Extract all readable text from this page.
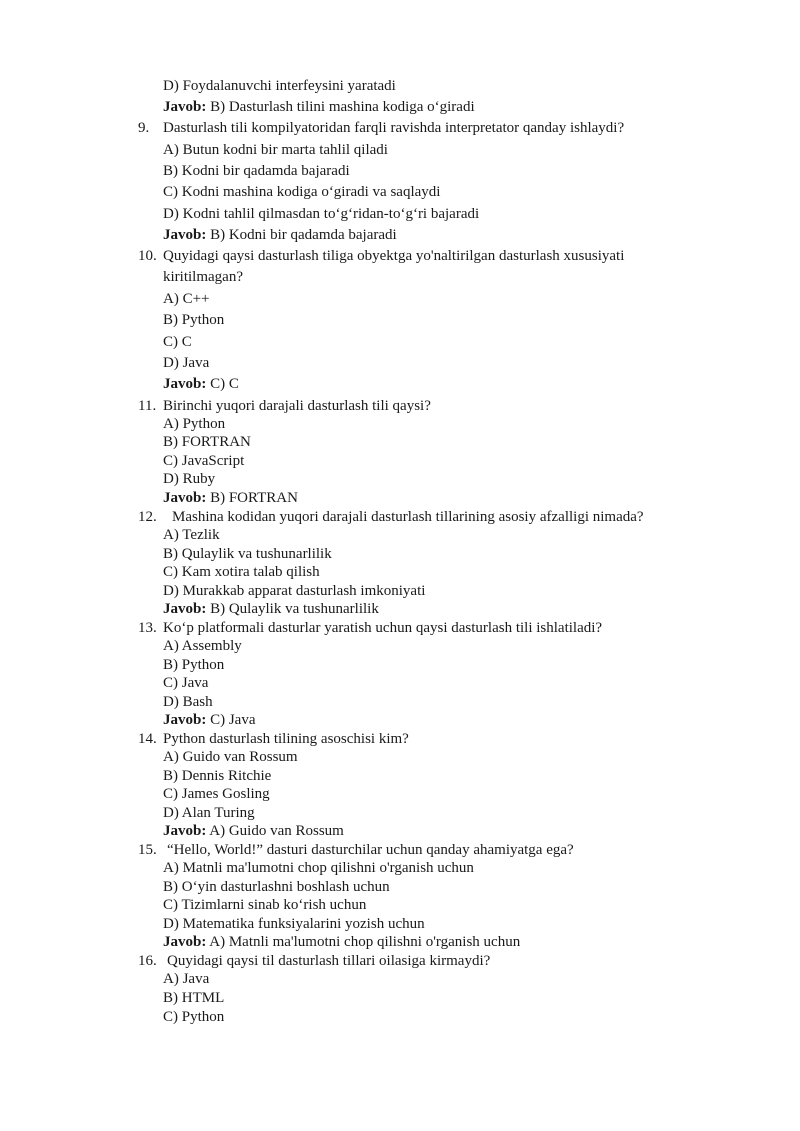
D) Foydalanuvchi interfeysini yaratadi
Javob: B) Dasturlash tilini mashina kodiga o‘giradi
9. Dasturlash tili kompilyatoridan farqli ravishda interpretator qanday ishlaydi?
A) Butun kodni bir marta tahlil qiladi
B) Kodni bir qadamda bajaradi
C) Kodni mashina kodiga o‘giradi va saqlaydi
D) Kodni tahlil qilmasdan to‘g‘ridan-to‘g‘ri bajaradi
Javob: B) Kodni bir qadamda bajaradi
10. Quyidagi qaysi dasturlash tiliga obyektga yo'naltirilgan dasturlash xususiyati
kiritilmagan?
A) C++
B) Python
C) C
D) Java
Javob: C) C
11. Birinchi yuqori darajali dasturlash tili qaysi?
A) Python
B) FORTRAN
C) JavaScript
D) Ruby
Javob: B) FORTRAN
12. Mashina kodidan yuqori darajali dasturlash tillarining asosiy afzalligi nimada?
A) Tezlik
B) Qulaylik va tushunarlilik
C) Kam xotira talab qilish
D) Murakkab apparat dasturlash imkoniyati
Javob: B) Qulaylik va tushunarlilik
13. Ko‘p platformali dasturlar yaratish uchun qaysi dasturlash tili ishlatiladi?
A) Assembly
B) Python
C) Java
D) Bash
Javob: C) Java
14. Python dasturlash tilining asoschisi kim?
A) Guido van Rossum
B) Dennis Ritchie
C) James Gosling
D) Alan Turing
Javob: A) Guido van Rossum
15. “Hello, World!” dasturi dasturchilar uchun qanday ahamiyatga ega?
A) Matnli ma'lumotni chop qilishni o'rganish uchun
B) O‘yin dasturlashni boshlash uchun
C) Tizimlarni sinab ko‘rish uchun
D) Matematika funksiyalarini yozish uchun
Javob: A) Matnli ma'lumotni chop qilishni o'rganish uchun
16. Quyidagi qaysi til dasturlash tillari oilasiga kirmaydi?
A) Java
B) HTML
C) Python
